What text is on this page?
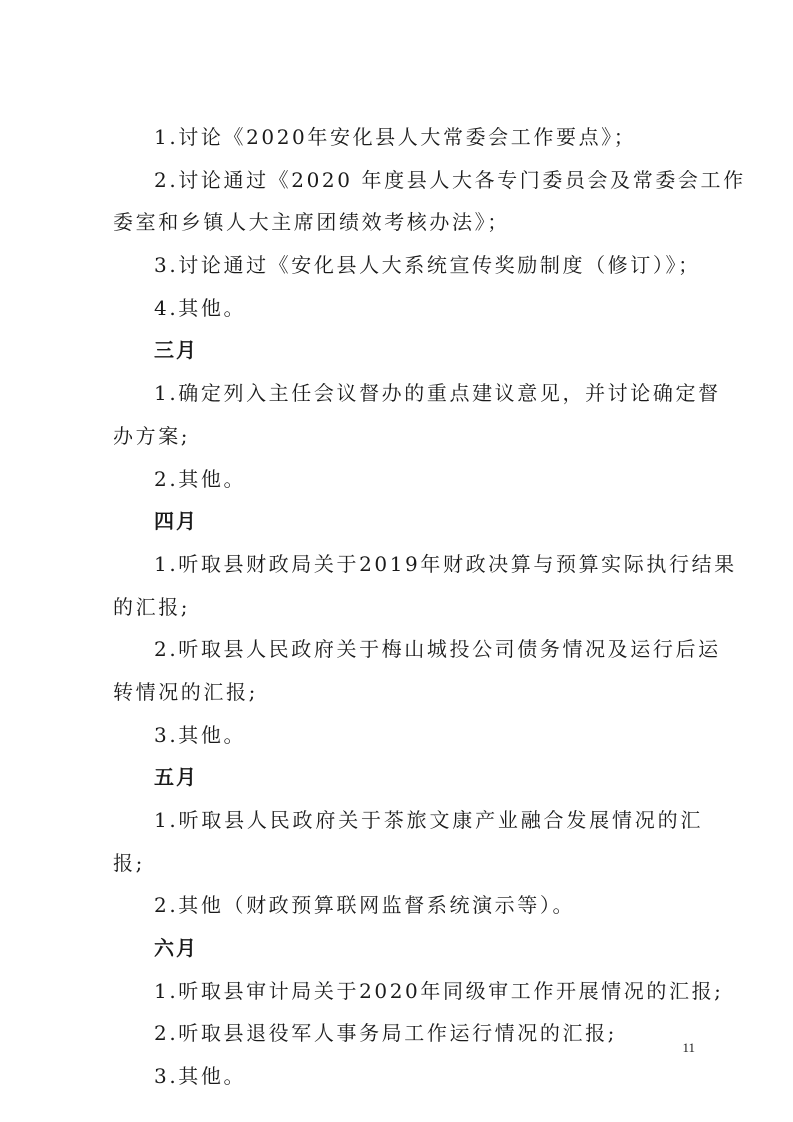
1.讨论《2020年安化县人大常委会工作要点》；
2.讨论通过《2020 年度县人大各专门委员会及常委会工作
委室和乡镇人大主席团绩效考核办法》；
3.讨论通过《安化县人大系统宣传奖励制度（修订）》；
4.其他。
三月
1.确定列入主任会议督办的重点建议意见，并讨论确定督
办方案;
2.其他。
四月
1.听取县财政局关于2019年财政决算与预算实际执行结果
的汇报;
2.听取县人民政府关于梅山城投公司债务情况及运行后运
转情况的汇报;
3.其他。
五月
1.听取县人民政府关于茶旅文康产业融合发展情况的汇
报;
2.其他（财政预算联网监督系统演示等）。
六月
1.听取县审计局关于2020年同级审工作开展情况的汇报;
2.听取县退役军人事务局工作运行情况的汇报;
3.其他。
11
